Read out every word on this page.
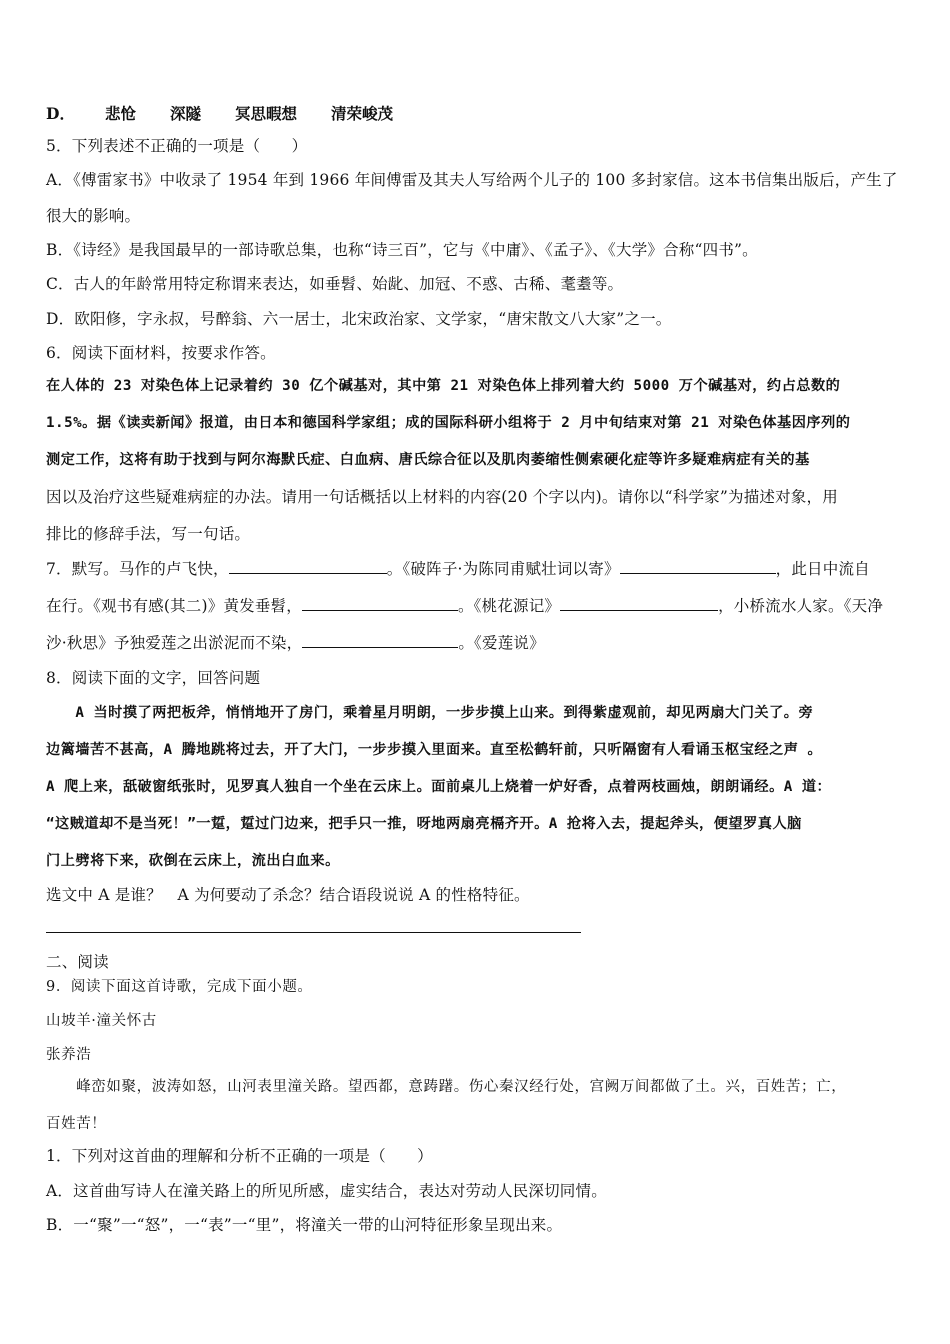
D． 悲怆 深隧 冥思暇想 清荣峻茂
5．下列表述不正确的一项是（　　）
A．《傅雷家书》中收录了 1954 年到 1966 年间傅雷及其夫人写给两个儿子的 100 多封家信。这本书信集出版后，产生了
很大的影响。
B．《诗经》是我国最早的一部诗歌总集，也称“诗三百”，它与《中庸》、《孟子》、《大学》合称“四书”。
C．古人的年龄常用特定称谓来表达，如垂髫、始龀、加冠、不惑、古稀、耄耋等。
D．欧阳修，字永叔，号醉翁、六一居士，北宋政治家、文学家，“唐宋散文八大家”之一。
6．阅读下面材料，按要求作答。
在人体的 23 对染色体上记录着约 30 亿个碱基对，其中第 21 对染色体上排列着大约 5000 万个碱基对，约占总数的
1.5%。据《读卖新闻》报道，由日本和德国科学家组；成的国际科研小组将于 2 月中旬结束对第 21 对染色体基因序列的
测定工作，这将有助于找到与阿尔海默氏症、白血病、唐氏综合征以及肌肉萎缩性侧索硬化症等许多疑难病症有关的基
因以及治疗这些疑难病症的办法。请用一句话概括以上材料的内容(20 个字以内)。请你以“科学家”为描述对象，用
排比的修辞手法，写一句话。
7．默写。马作的卢飞快，	。《破阵子·为陈同甫赋壮词以寄》	，此日中流自
在行。《观书有感(其二)》黄发垂髫，	。《桃花源记》	，小桥流水人家。《天净
沙·秋思》予独爱莲之出淤泥而不染，	。《爱莲说》
8．阅读下面的文字，回答问题
　　A 当时摸了两把板斧，悄悄地开了房门，乘着星月明朗，一步步摸上山来。到得紫虚观前，却见两扇大门关了。旁
边篱墙苦不甚高，A 腾地跳将过去，开了大门，一步步摸入里面来。直至松鹤轩前，只听隔窗有人看诵玉枢宝经之声 。
A 爬上来，舐破窗纸张时，见罗真人独自一个坐在云床上。面前桌儿上烧着一炉好香，点着两枝画烛，朗朗诵经。A 道：
“这贼道却不是当死！”一踅，踅过门边来，把手只一推，呀地两扇亮槅齐开。A 抢将入去，提起斧头，便望罗真人脑
门上劈将下来，砍倒在云床上，流出白血来。
选文中 A 是谁？　A 为何要动了杀念？结合语段说说 A 的性格特征。
二、阅读
9．阅读下面这首诗歌，完成下面小题。
山坡羊·潼关怀古
张养浩
　　峰峦如聚，波涛如怒，山河表里潼关路。望西都，意踌躇。伤心秦汉经行处，宫阙万间都做了土。兴，百姓苦；亡，
百姓苦！
1．下列对这首曲的理解和分析不正确的一项是（　　）
A．这首曲写诗人在潼关路上的所见所感，虚实结合，表达对劳动人民深切同情。
B．一“聚”一“怒”，一“表”一“里”，将潼关一带的山河特征形象呈现出来。
